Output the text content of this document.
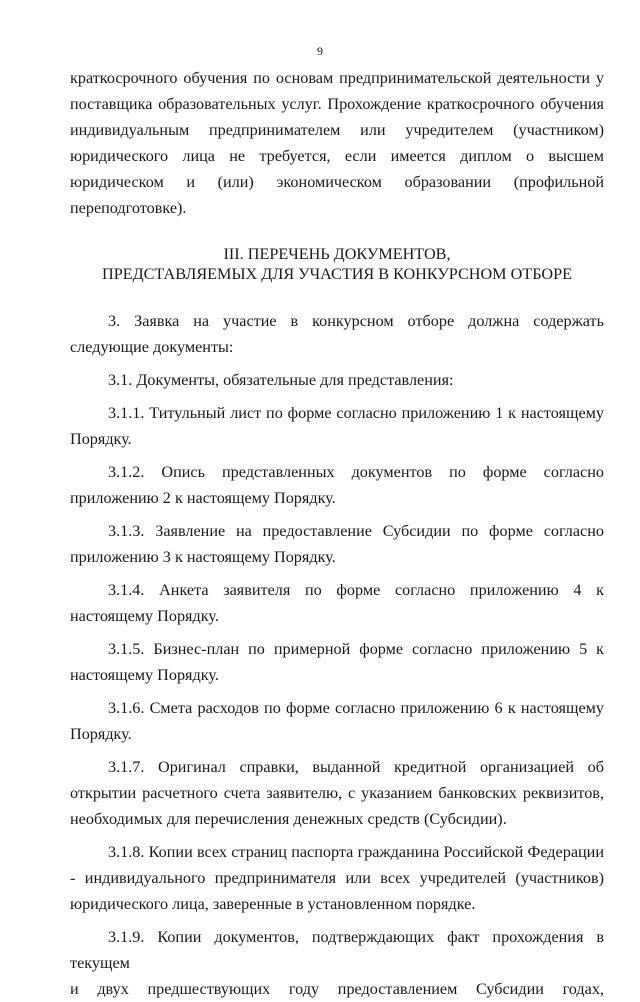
9

краткосрочного обучения по основам предпринимательской деятельности у поставщика образовательных услуг. Прохождение краткосрочного обучения индивидуальным предпринимателем или учредителем (участником) юридического лица не требуется, если имеется диплом о высшем юридическом и (или) экономическом образовании (профильной переподготовке).

III. ПЕРЕЧЕНЬ ДОКУМЕНТОВ,
ПРЕДСТАВЛЯЕМЫХ ДЛЯ УЧАСТИЯ В КОНКУРСНОМ ОТБОРЕ

3. Заявка на участие в конкурсном отборе должна содержать следующие документы:

3.1. Документы, обязательные для представления:

3.1.1. Титульный лист по форме согласно приложению 1 к настоящему Порядку.

3.1.2. Опись представленных документов по форме согласно приложению 2 к настоящему Порядку.

3.1.3. Заявление на предоставление Субсидии по форме согласно приложению 3 к настоящему Порядку.

3.1.4. Анкета заявителя по форме согласно приложению 4 к настоящему Порядку.

3.1.5. Бизнес-план по примерной форме согласно приложению 5 к настоящему Порядку.

3.1.6. Смета расходов по форме согласно приложению 6 к настоящему Порядку.

3.1.7. Оригинал справки, выданной кредитной организацией об открытии расчетного счета заявителю, с указанием банковских реквизитов, необходимых для перечисления денежных средств (Субсидии).

3.1.8. Копии всех страниц паспорта гражданина Российской Федерации - индивидуального предпринимателя или всех учредителей (участников) юридического лица, заверенные в установленном порядке.

3.1.9. Копии документов, подтверждающих факт прохождения в текущем
и двух предшествующих году предоставлением Субсидии годах,
